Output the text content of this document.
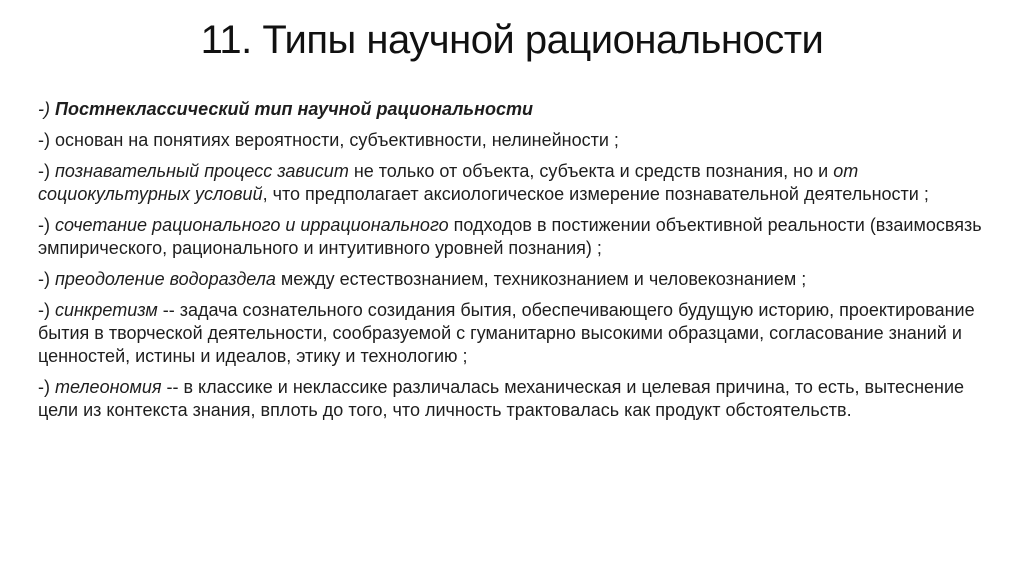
11. Типы научной рациональности

-) Постнеклассический тип научной рациональности

-) основан на понятиях вероятности, субъективности, нелинейности ;

-) познавательный процесс зависит не только от объекта, субъекта и средств познания, но и от социокультурных условий, что предполагает аксиологическое измерение познавательной деятельности ;

-) сочетание рационального и иррационального подходов в постижении объективной реальности (взаимосвязь эмпирического, рационального и интуитивного уровней познания) ;

-) преодоление водораздела между естествознанием, техникознанием и человекознанием ;

-) синкретизм -- задача сознательного созидания бытия, обеспечивающего будущую историю, проектирование бытия в творческой деятельности, сообразуемой с гуманитарно высокими образцами, согласование знаний и ценностей, истины и идеалов, этику и технологию ;

-) телеономия -- в классике и неклассике различалась механическая и целевая причина, то есть, вытеснение цели из контекста знания, вплоть до того, что личность трактовалась как продукт обстоятельств.
